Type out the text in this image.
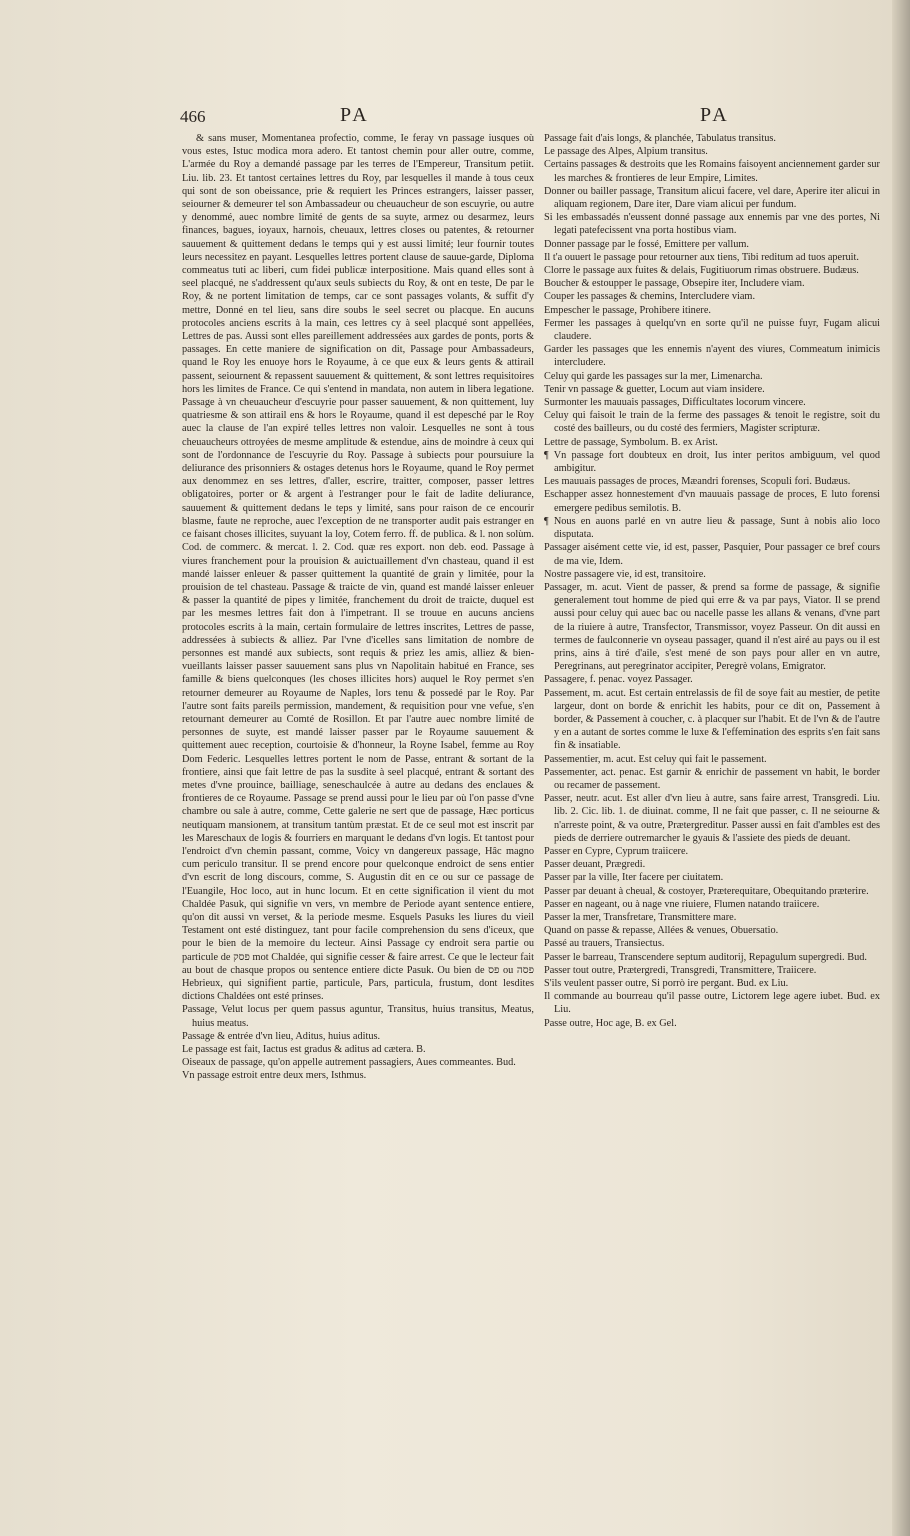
466	PA	PA

& sans muser, Momentanea profectio, comme, Ie feray vn passage iusques où vous estes, Istuc modica mora adero. Et tantost chemin pour aller outre, comme, L'armée du Roy a demandé passage par les terres de l'Empereur, Transitum petiit. Liu. lib. 23. Et tantost certaines lettres du Roy, par lesquelles il mande à tous ceux qui sont de son obeissance, prie & requiert les Princes estrangers, laisser passer, seiourner & demeurer tel son Ambassadeur ou cheuaucheur de son escuyrie, ou autre y denommé, auec nombre limité de gents de sa suyte, armez ou desarmez, leurs finances, bagues, ioyaux, harnois, cheuaux, lettres closes ou patentes, & retourner sauuement & quittement dedans le temps qui y est aussi limité; leur fournir toutes leurs necessitez en payant. Lesquelles lettres portent clause de sauue-garde, Diploma commeatus tuti ac liberi, cum fidei publicæ interpositione. Mais quand elles sont à seel placqué, ne s'addressent qu'aux seuls subiects du Roy, & ont en teste, De par le Roy, & ne portent limitation de temps, car ce sont passages volants, & suffit d'y mettre, Donné en tel lieu, sans dire soubs le seel secret ou placque. En aucuns protocoles anciens escrits à la main, ces lettres cy à seel placqué sont appellées, Lettres de pas. Aussi sont elles pareillement addressées aux gardes de ponts, ports & passages. En cette maniere de signification on dit, Passage pour Ambassadeurs, quand le Roy les enuoye hors le Royaume, à ce que eux & leurs gents & attirail passent, seiournent & repassent sauuement & quittement, & sont lettres requisitoires hors les limites de France. Ce qui s'entend in mandata, non autem in libera legatione. Passage à vn cheuaucheur d'escuyrie pour passer sauuement, & non quittement, luy quatriesme & son attirail ens & hors le Royaume, quand il est depesché par le Roy auec la clause de l'an expiré telles lettres non valoir. Lesquelles ne sont à tous cheuaucheurs ottroyées de mesme amplitude & estendue, ains de moindre à ceux qui sont de l'ordonnance de l'escuyrie du Roy. Passage à subiects pour poursuiure la deliurance des prisonniers & ostages detenus hors le Royaume, quand le Roy permet aux denommez en ses lettres, d'aller, escrire, traitter, composer, passer lettres obligatoires, porter or & argent à l'estranger pour le fait de ladite deliurance, sauuement & quittement dedans le teps y limité, sans pour raison de ce encourir blasme, faute ne reproche, auec l'exception de ne transporter audit pais estranger en ce faisant choses illicites, suyuant la loy, Cotem ferro. ff. de publica. & l. non solùm. Cod. de commerc. & mercat. l. 2. Cod. quæ res export. non deb. eod. Passage à viures franchement pour la prouision & auictuaillement d'vn chasteau, quand il est mandé laisser enleuer & passer quittement la quantité de grain y limitée, pour la prouision de tel chasteau. Passage & traicte de vin, quand est mandé laisser enleuer & passer la quantité de pipes y limitée, franchement du droit de traicte, duquel est par les mesmes lettres fait don à l'impetrant. Il se trouue en aucuns anciens protocoles escrits à la main, certain formulaire de lettres inscrites, Lettres de passe, addressées à subiects & alliez. Par l'vne d'icelles sans limitation de nombre de personnes est mandé aux subiects, sont requis & priez les amis, alliez & bien-vueillants laisser passer sauuement sans plus vn Napolitain habitué en France, ses famille & biens quelconques (les choses illicites hors) auquel le Roy permet s'en retourner demeurer au Royaume de Naples, lors tenu & possedé par le Roy. Par l'autre sont faits pareils permission, mandement, & requisition pour vne vefue, s'en retournant demeurer au Comté de Rosillon. Et par l'autre auec nombre limité de personnes de suyte, est mandé laisser passer par le Royaume sauuement & quittement auec reception, courtoisie & d'honneur, la Royne Isabel, femme au Roy Dom Federic. Lesquelles lettres portent le nom de Passe, entrant & sortant de la frontiere, ainsi que fait lettre de pas la susdite à seel placqué, entrant & sortant des metes d'vne prouince, bailliage, seneschaulcée à autre au dedans des enclaues & frontieres de ce Royaume. Passage se prend aussi pour le lieu par où l'on passe d'vne chambre ou sale à autre, comme, Cette galerie ne sert que de passage, Hæc porticus neutiquam mansionem, at transitum tantùm præstat. Et de ce seul mot est inscrit par les Mareschaux de logis & fourriers en marquant le dedans d'vn logis. Et tantost pour l'endroict d'vn chemin passant, comme, Voicy vn dangereux passage, Hâc magno cum periculo transitur. Il se prend encore pour quelconque endroict de sens entier d'vn escrit de long discours, comme, S. Augustin dit en ce ou sur ce passage de l'Euangile, Hoc loco, aut in hunc locum. Et en cette signification il vient du mot Chaldée Pasuk, qui signifie vn vers, vn membre de Periode ayant sentence entiere, qu'on dit aussi vn verset, & la periode mesme. Esquels Pasuks les liures du vieil Testament ont esté distinguez, tant pour facile comprehension du sens d'iceux, que pour le bien de la memoire du lecteur. Ainsi Passage cy endroit sera partie ou particule de פסק mot Chaldée, qui signifie cesser & faire arrest. Ce que le lecteur fait au bout de chasque propos ou sentence entiere dicte Pasuk. Ou bien de פס ou פסה Hebrieux, qui signifient partie, particule, Pars, particula, frustum, dont lesdites dictions Chaldées ont esté prinses.

Passage, Velut locus per quem passus aguntur, Transitus, huius transitus, Meatus, huius meatus.

Passage & entrée d'vn lieu, Aditus, huius aditus.

Le passage est fait, Iactus est gradus & aditus ad cætera. B.

Oiseaux de passage, qu'on appelle autrement passagiers, Aues commeantes. Bud.

Vn passage estroit entre deux mers, Isthmus.

Passage fait d'ais longs, & planchée, Tabulatus transitus.

Le passage des Alpes, Alpium transitus.

Certains passages & destroits que les Romains faisoyent anciennement garder sur les marches & frontieres de leur Empire, Limites.

Donner ou bailler passage, Transitum alicui facere, vel dare, Aperire iter alicui in aliquam regionem, Dare iter, Dare viam alicui per fundum.

Si les embassadés n'eussent donné passage aux ennemis par vne des portes, Ni legati patefecissent vna porta hostibus viam.

Donner passage par le fossé, Emittere per vallum.

Il t'a ouuert le passage pour retourner aux tiens, Tibi reditum ad tuos aperuit.

Clorre le passage aux fuites & delais, Fugitiuorum rimas obstruere. Budæus.

Boucher & estoupper le passage, Obsepire iter, Includere viam.

Couper les passages & chemins, Intercludere viam.

Empescher le passage, Prohibere itinere.

Fermer les passages à quelqu'vn en sorte qu'il ne puisse fuyr, Fugam alicui claudere.

Garder les passages que les ennemis n'ayent des viures, Commeatum inimicis intercludere.

Celuy qui garde les passages sur la mer, Limenarcha.

Tenir vn passage & guetter, Locum aut viam insidere.

Surmonter les mauuais passages, Difficultates locorum vincere.

Celuy qui faisoit le train de la ferme des passages & tenoit le registre, soit du costé des bailleurs, ou du costé des fermiers, Magister scripturæ.

Lettre de passage, Symbolum. B. ex Arist.

¶ Vn passage fort doubteux en droit, Ius inter peritos ambiguum, vel quod ambigitur.

Les mauuais passages de proces, Mæandri forenses, Scopuli fori. Budæus.

Eschapper assez honnestement d'vn mauuais passage de proces, E luto forensi emergere pedibus semilotis. B.

¶ Nous en auons parlé en vn autre lieu & passage, Sunt à nobis alio loco disputata.

Passager aisément cette vie, id est, passer, Pasquier, Pour passager ce bref cours de ma vie, Idem.

Nostre passagere vie, id est, transitoire.

Passager, m. acut. Vient de passer, & prend sa forme de passage, & signifie generalement tout homme de pied qui erre & va par pays, Viator. Il se prend aussi pour celuy qui auec bac ou nacelle passe les allans & venans, d'vne part de la riuiere à autre, Transfector, Transmissor, voyez Passeur. On dit aussi en termes de faulconnerie vn oyseau passager, quand il n'est airé au pays ou il est prins, ains à tiré d'aile, s'est mené de son pays pour aller en vn autre, Peregrinans, aut peregrinator accipiter, Peregrè volans, Emigrator.

Passagere, f. penac. voyez Passager.

Passement, m. acut. Est certain entrelassis de fil de soye fait au mestier, de petite largeur, dont on borde & enrichit les habits, pour ce dit on, Passement à border, & Passement à coucher, c. à placquer sur l'habit. Et de l'vn & de l'autre y en a autant de sortes comme le luxe & l'effemination des esprits s'en fait sans fin & insatiable.

Passementier, m. acut. Est celuy qui fait le passement.

Passementer, act. penac. Est garnir & enrichir de passement vn habit, le border ou recamer de passement.

Passer, neutr. acut. Est aller d'vn lieu à autre, sans faire arrest, Transgredi. Liu. lib. 2. Cic. lib. 1. de diuinat. comme, Il ne fait que passer, c. Il ne seiourne & n'arreste point, & va outre, Prætergreditur. Passer aussi en fait d'ambles est des pieds de derriere outremarcher le gyauis & l'assiete des pieds de deuant.

Passer en Cypre, Cyprum traiicere.

Passer deuant, Prægredi.

Passer par la ville, Iter facere per ciuitatem.

Passer par deuant à cheual, & costoyer, Præterequitare, Obequitando præterire.

Passer en nageant, ou à nage vne riuiere, Flumen natando traiicere.

Passer la mer, Transfretare, Transmittere mare.

Quand on passe & repasse, Allées & venues, Obuersatio.

Passé au trauers, Transiectus.

Passer le barreau, Transcendere septum auditorij, Repagulum supergredi. Bud.

Passer tout outre, Prætergredi, Transgredi, Transmittere, Traiicere.

S'ils veulent passer outre, Si porrò ire pergant. Bud. ex Liu.

Il commande au bourreau qu'il passe outre, Lictorem lege agere iubet. Bud. ex Liu.

Passe outre, Hoc age, B. ex Gel.
